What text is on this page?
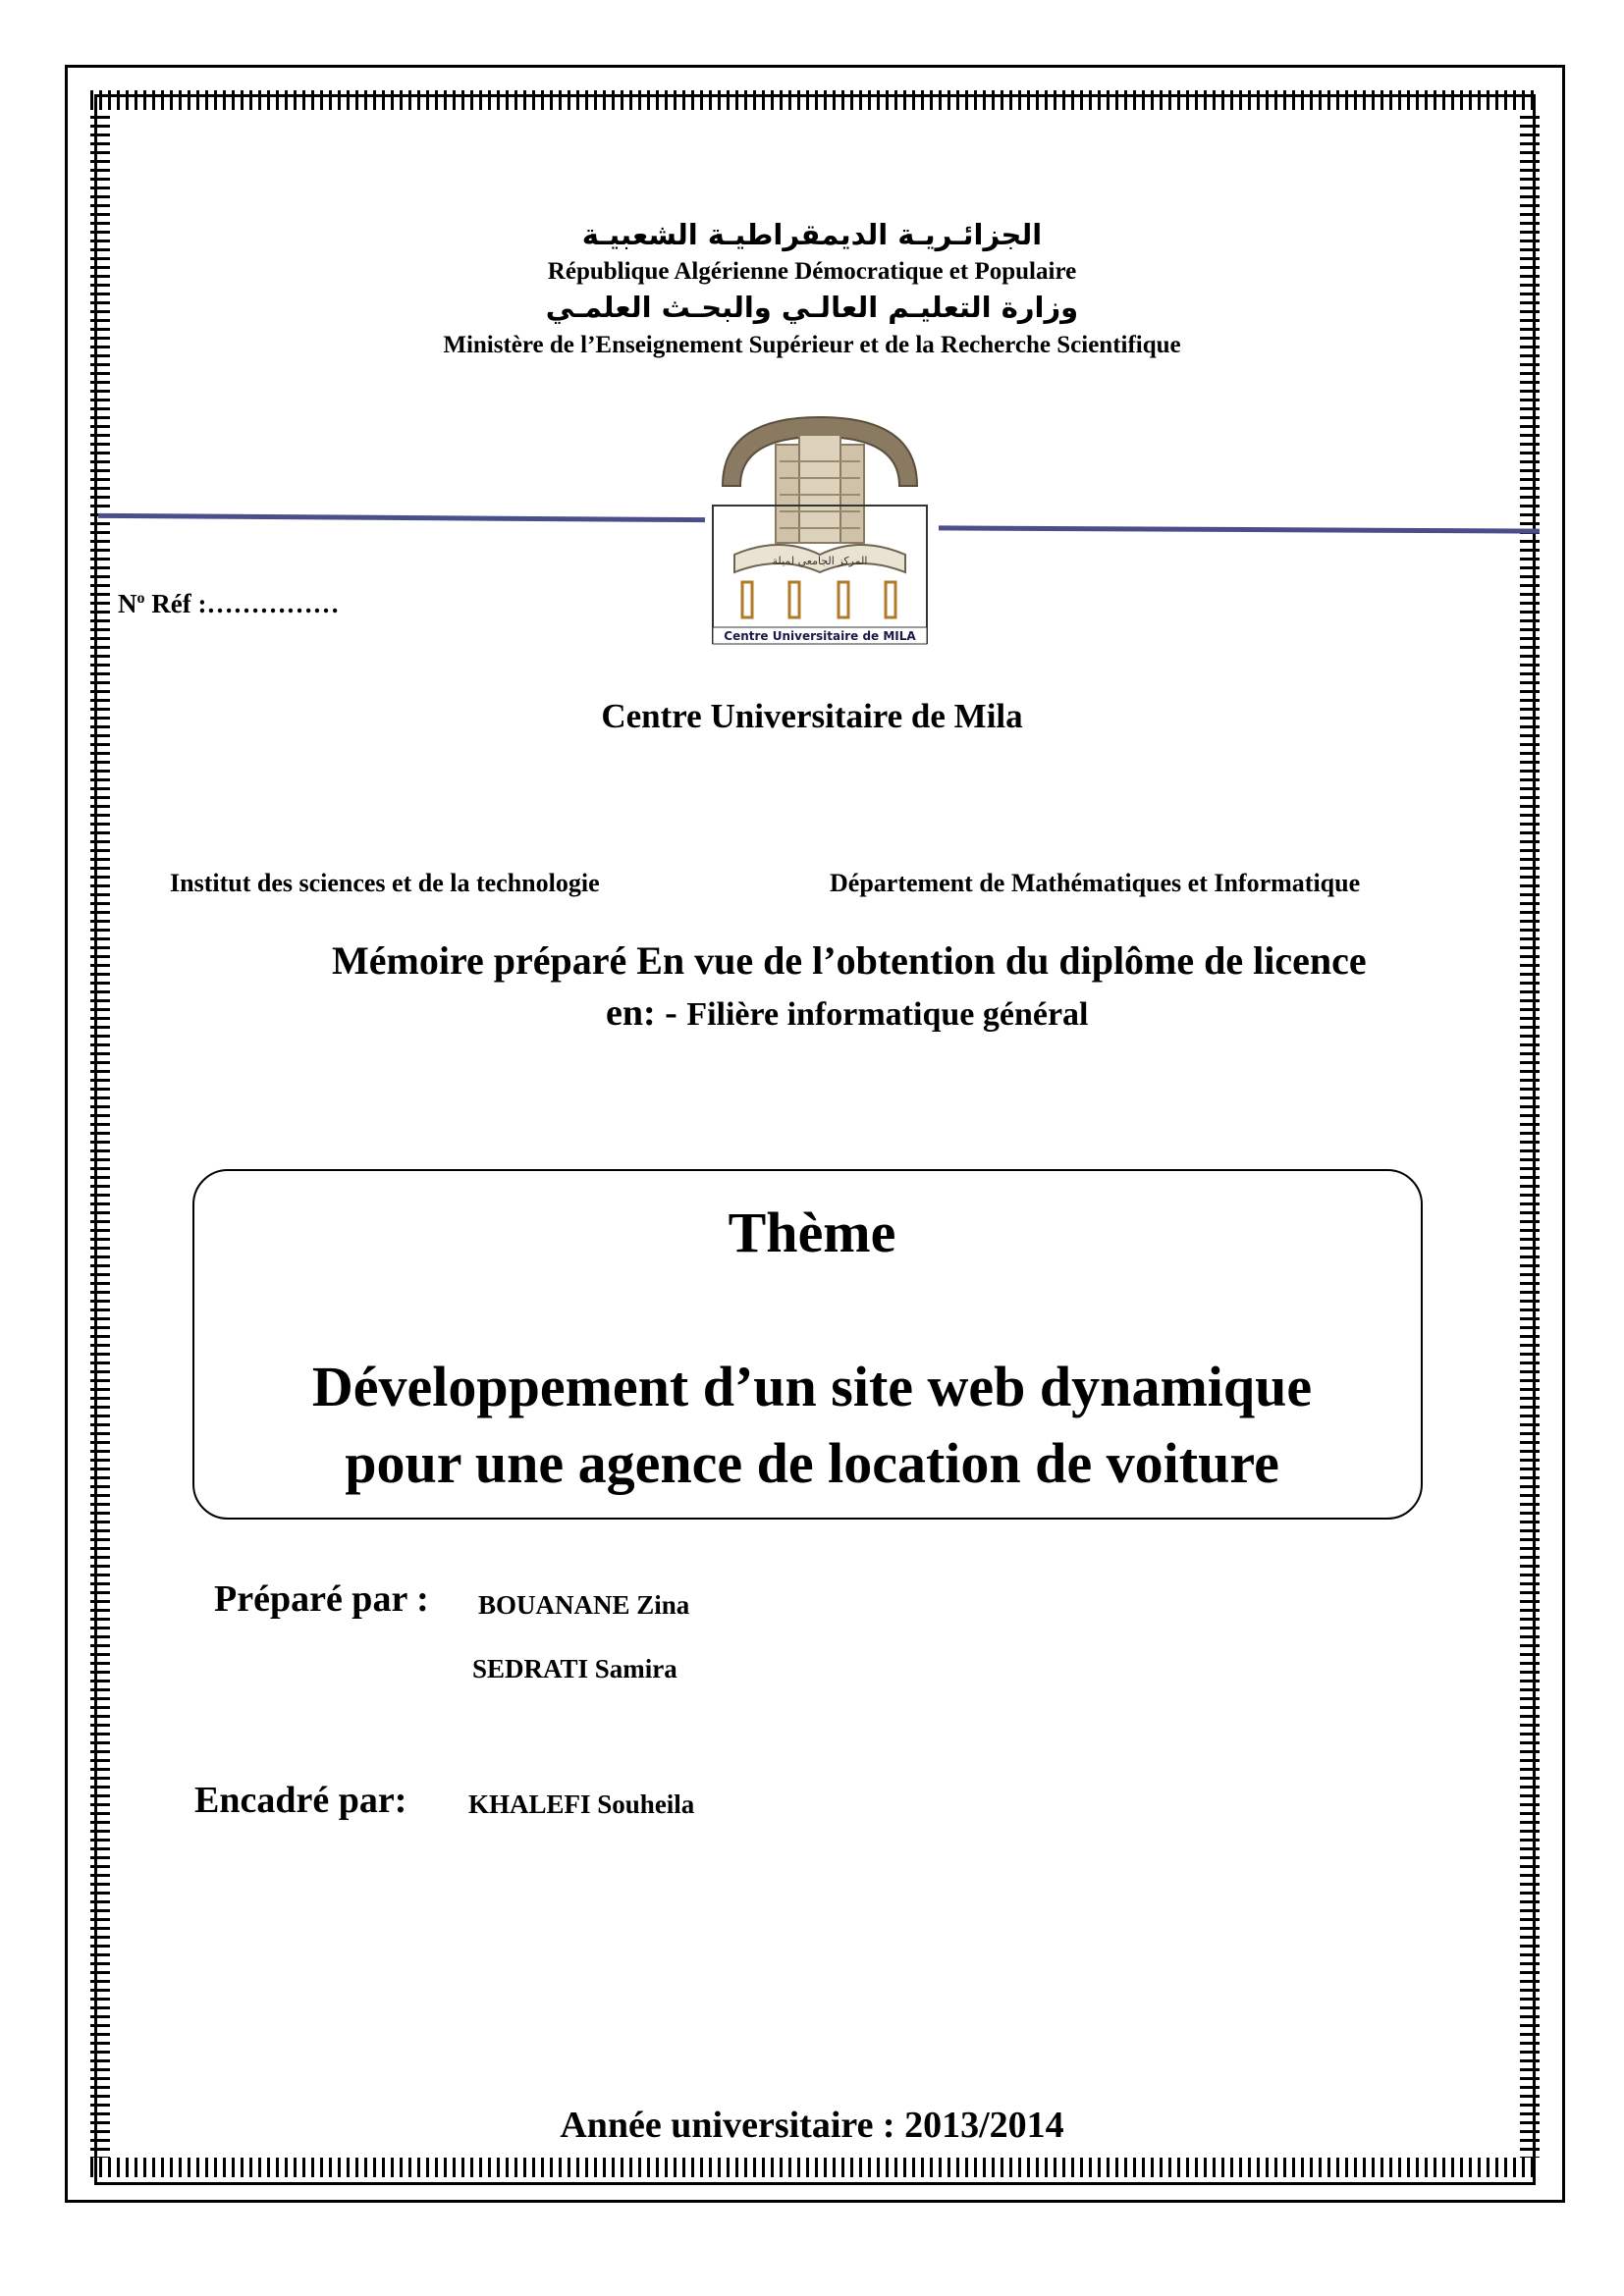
الجزائـريـة الديمقراطيـة الشعبيـة
République Algérienne Démocratique et Populaire
وزارة التعليـم العالـي والبحـث العلمـي
Ministère de l’Enseignement Supérieur et de la Recherche Scientifique
المركز الجامعي لميلة
Centre Universitaire de MILA
$N^o$ Réf :……………
Centre Universitaire de Mila
Institut des sciences et de la technologie	Département de Mathématiques et Informatique
Mémoire préparé En vue de l’obtention du diplôme de licence
en: - Filière informatique général
Thème
Développement d’un site web dynamique
pour une agence de location de voiture
Préparé par : BOUANANE Zina
SEDRATI Samira
Encadré par: KHALEFI Souheila
Année universitaire : 2013/2014
